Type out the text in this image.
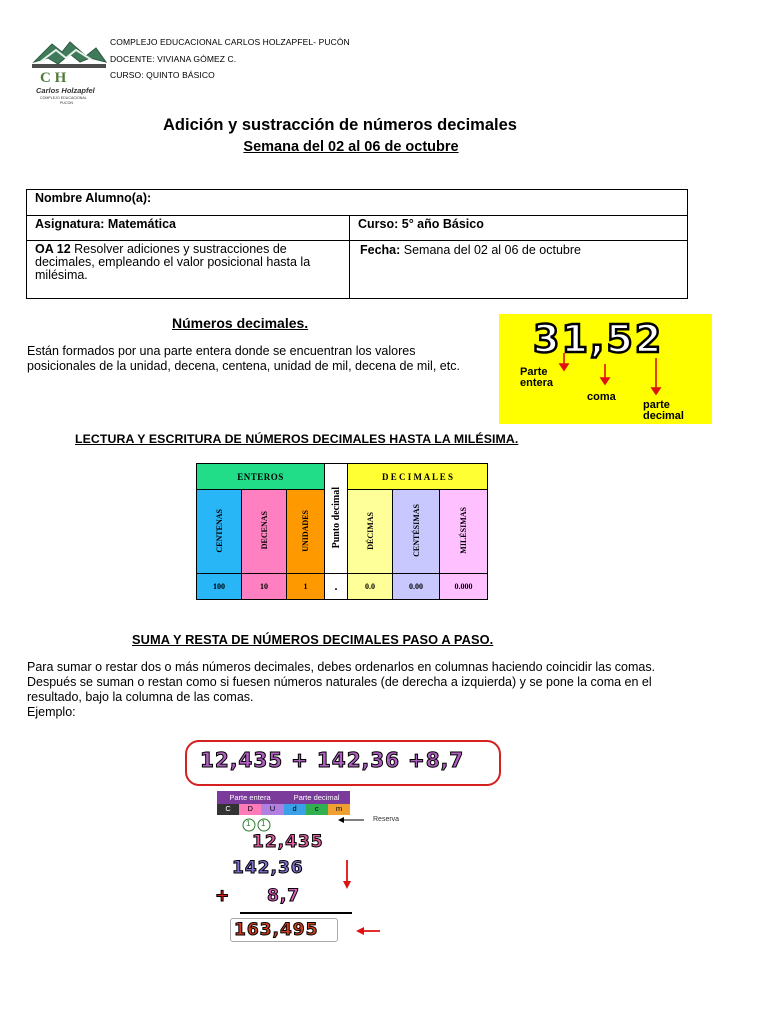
C H
Carlos Holzapfel
COMPLEJO EDUCACIONAL
PUCON
COMPLEJO EDUCACIONAL CARLOS HOLZAPFEL- PUCÓN
DOCENTE: VIVIANA GÓMEZ C.
CURSO: QUINTO BÁSICO
Adición y sustracción de números decimales
Semana del 02 al 06 de octubre
Nombre Alumno(a):	
Asignatura: Matemática	Curso: 5° año Básico
OA 12 Resolver adiciones y sustracciones de decimales, empleando el valor posicional hasta la milésima.	Fecha: Semana del 02 al 06 de octubre
Números decimales.
Están formados por una parte entera donde se encuentran los valores posicionales de la unidad, decena, centena, unidad de mil, decena de mil, etc.
31,52
Parte
entera
coma
parte
decimal
LECTURA Y ESCRITURA DE NÚMEROS DECIMALES HASTA LA MILÉSIMA.
ENTEROS			Punto decimal	D E C I M A L E S		
CENTENAS	DECENAS	UNIDADES		DÉCIMAS	CENTÉSIMAS	MILÉSIMAS
100	10	1	.	0.0	0.00	0.000
SUMA Y RESTA DE NÚMEROS DECIMALES PASO A PASO.
Para sumar o restar dos o más números decimales, debes ordenarlos en columnas haciendo coincidir las comas. Después se suman o restan como si fuesen números naturales (de derecha a izquierda) y se pone la coma en el resultado, bajo la columna de las comas.
Ejemplo:
12,435 + 142,36 +8,7
Parte entera	Parte decimal
C	D	U	d	c	m
1 1	Reserva
12,435
142,36
+ 8,7
163,495
